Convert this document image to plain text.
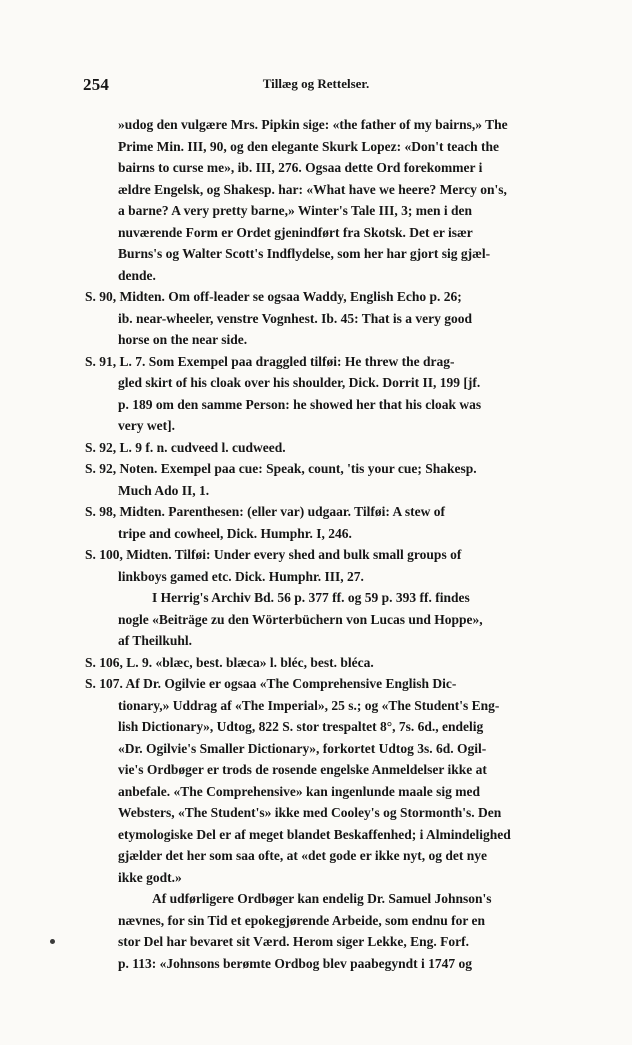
254	Tillæg og Rettelser.
»udog den vulgære Mrs. Pipkin sige: «the father of my bairns,» The
Prime Min. III, 90, og den elegante Skurk Lopez: «Don't teach the
bairns to curse me», ib. III, 276. Ogsaa dette Ord forekommer i
ældre Engelsk, og Shakesp. har: «What have we heere? Mercy on's,
a barne? A very pretty barne,» Winter's Tale III, 3; men i den
nuværende Form er Ordet gjenindført fra Skotsk. Det er især
Burns's og Walter Scott's Indflydelse, som her har gjort sig gjæl-
dende.
S. 90, Midten. Om off-leader se ogsaa Waddy, English Echo p. 26;
ib. near-wheeler, venstre Vognhest. Ib. 45: That is a very good
horse on the near side.
S. 91, L. 7. Som Exempel paa draggled tilføi: He threw the drag-
gled skirt of his cloak over his shoulder, Dick. Dorrit II, 199 [jf.
p. 189 om den samme Person: he showed her that his cloak was
very wet].
S. 92, L. 9 f. n. cudveed l. cudweed.
S. 92, Noten. Exempel paa cue: Speak, count, 'tis your cue; Shakesp.
Much Ado II, 1.
S. 98, Midten. Parenthesen: (eller var) udgaar. Tilføi: A stew of
tripe and cowheel, Dick. Humphr. I, 246.
S. 100, Midten. Tilføi: Under every shed and bulk small groups of
linkboys gamed etc. Dick. Humphr. III, 27.
I Herrig's Archiv Bd. 56 p. 377 ff. og 59 p. 393 ff. findes
nogle «Beiträge zu den Wörterbüchern von Lucas und Hoppe»,
af Theilkuhl.
S. 106, L. 9. «blæc, best. blæca» l. bléc, best. bléca.
S. 107. Af Dr. Ogilvie er ogsaa «The Comprehensive English Dic-
tionary,» Uddrag af «The Imperial», 25 s.; og «The Student's Eng-
lish Dictionary», Udtog, 822 S. stor trespaltet 8°, 7s. 6d., endelig
«Dr. Ogilvie's Smaller Dictionary», forkortet Udtog 3s. 6d. Ogil-
vie's Ordbøger er trods de rosende engelske Anmeldelser ikke at
anbefale. «The Comprehensive» kan ingenlunde maale sig med
Websters, «The Student's» ikke med Cooley's og Stormonth's. Den
etymologiske Del er af meget blandet Beskaffenhed; i Almindelighed
gjælder det her som saa ofte, at «det gode er ikke nyt, og det nye
ikke godt.»
Af udførligere Ordbøger kan endelig Dr. Samuel Johnson's
nævnes, for sin Tid et epokegjørende Arbeide, som endnu for en
stor Del har bevaret sit Værd. Herom siger Lekke, Eng. Forf.
p. 113: «Johnsons berømte Ordbog blev paabegyndt i 1747 og
